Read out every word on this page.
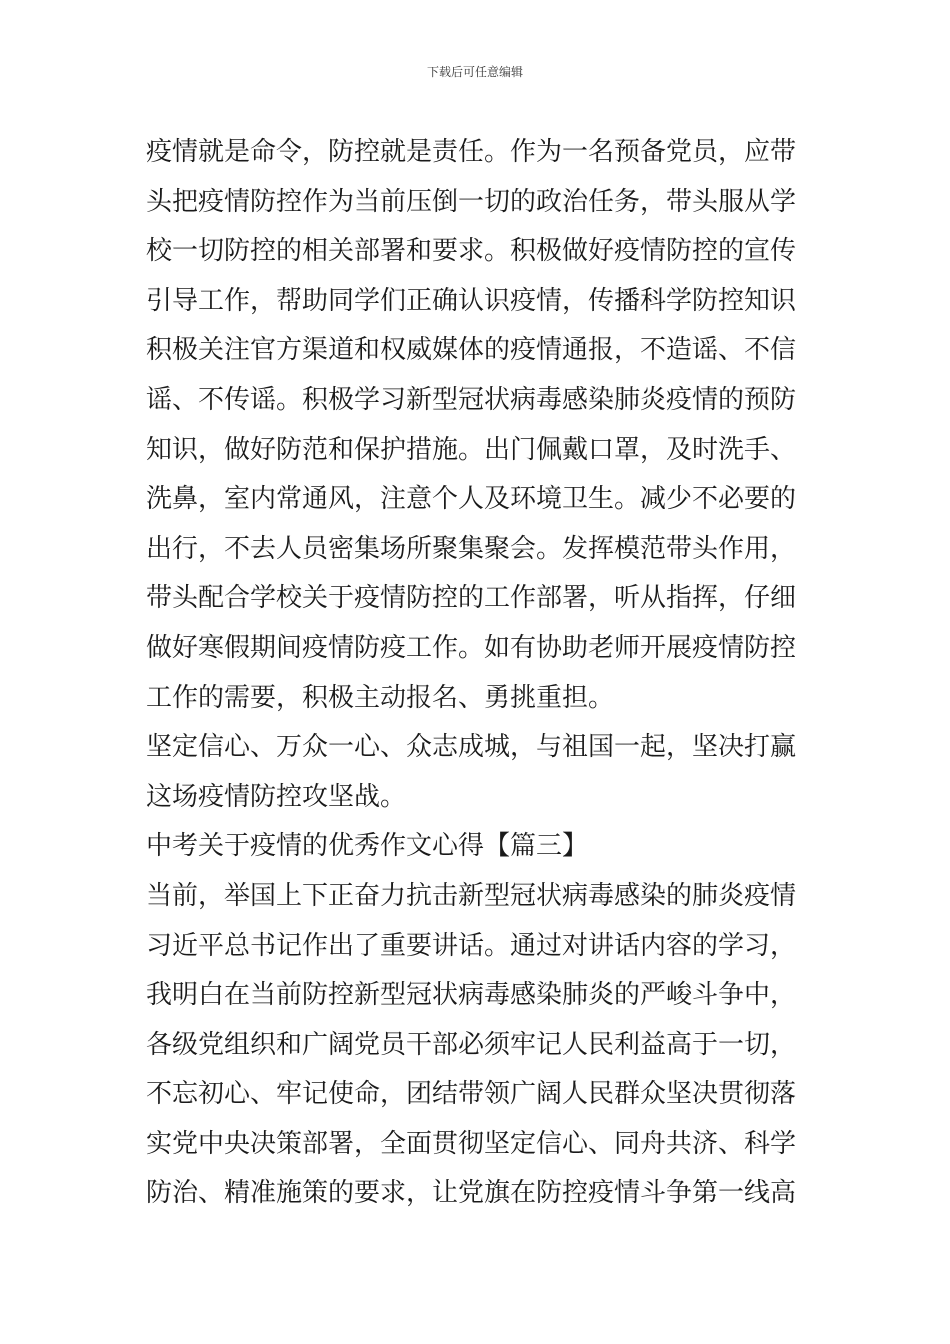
下载后可任意编辑
疫情就是命令，防控就是责任。作为一名预备党员，应带
头把疫情防控作为当前压倒一切的政治任务，带头服从学
校一切防控的相关部署和要求。积极做好疫情防控的宣传
引导工作，帮助同学们正确认识疫情，传播科学防控知识
积极关注官方渠道和权威媒体的疫情通报，不造谣、不信
谣、不传谣。积极学习新型冠状病毒感染肺炎疫情的预防
知识，做好防范和保护措施。出门佩戴口罩，及时洗手、
洗鼻，室内常通风，注意个人及环境卫生。减少不必要的
出行，不去人员密集场所聚集聚会。发挥模范带头作用，
带头配合学校关于疫情防控的工作部署，听从指挥，仔细
做好寒假期间疫情防疫工作。如有协助老师开展疫情防控
工作的需要，积极主动报名、勇挑重担。
坚定信心、万众一心、众志成城，与祖国一起，坚决打赢
这场疫情防控攻坚战。
中考关于疫情的优秀作文心得【篇三】
当前，举国上下正奋力抗击新型冠状病毒感染的肺炎疫情
习近平总书记作出了重要讲话。通过对讲话内容的学习，
我明白在当前防控新型冠状病毒感染肺炎的严峻斗争中，
各级党组织和广阔党员干部必须牢记人民利益高于一切，
不忘初心、牢记使命，团结带领广阔人民群众坚决贯彻落
实党中央决策部署，全面贯彻坚定信心、同舟共济、科学
防治、精准施策的要求，让党旗在防控疫情斗争第一线高
